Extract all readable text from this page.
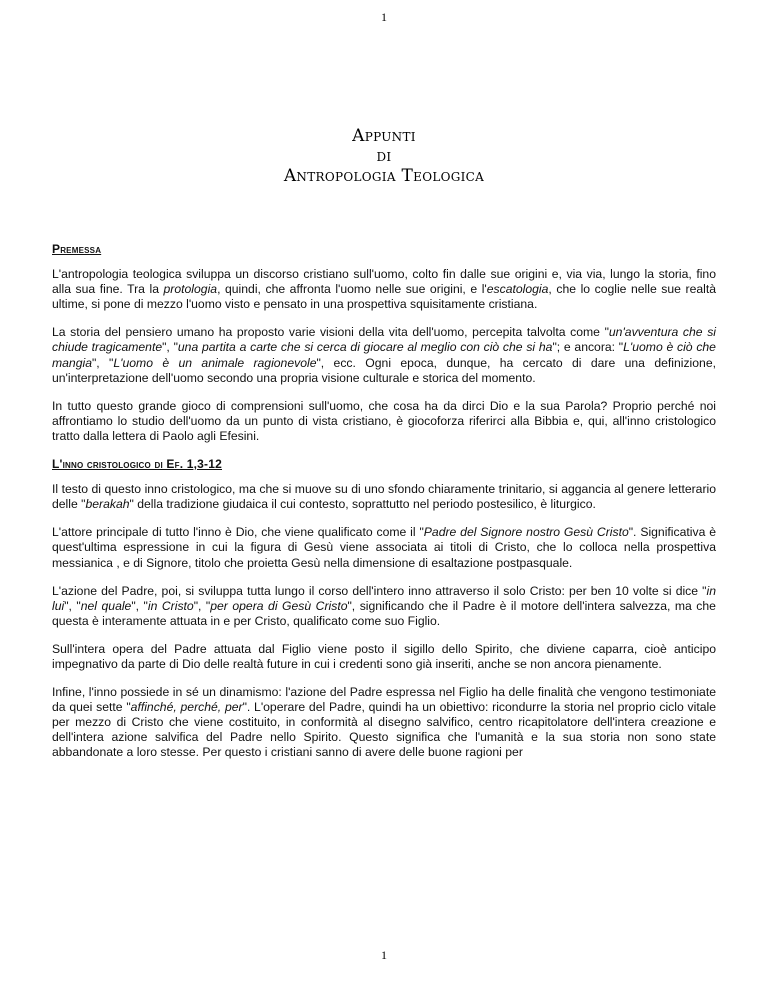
1
Appunti
di
Antropologia Teologica
Premessa

L'antropologia teologica sviluppa un discorso cristiano sull'uomo, colto fin dalle sue origini e, via via, lungo la storia, fino alla sua fine. Tra la protologia, quindi, che affronta l'uomo nelle sue origini, e l'escatologia, che lo coglie nelle sue realtà ultime, si pone di mezzo l'uomo visto e pensato in una prospettiva squisitamente cristiana.

La storia del pensiero umano ha proposto varie visioni della vita dell'uomo, percepita talvolta come "un'avventura che si chiude tragicamente", "una partita a carte che si cerca di giocare al meglio con ciò che si ha"; e ancora: "L'uomo è ciò che mangia", "L'uomo è un animale ragionevole", ecc. Ogni epoca, dunque, ha cercato di dare una definizione, un'interpretazione dell'uomo secondo una propria visione culturale e storica del momento.

In tutto questo grande gioco di comprensioni sull'uomo, che cosa ha da dirci Dio e la sua Parola? Proprio perché noi affrontiamo lo studio dell'uomo da un punto di vista cristiano, è giocoforza riferirci alla Bibbia e, qui, all'inno cristologico tratto dalla lettera di Paolo agli Efesini.

L'inno cristologico di Ef. 1,3-12

Il testo di questo inno cristologico, ma che si muove su di uno sfondo chiaramente trinitario, si aggancia al genere letterario delle "berakah" della tradizione giudaica il cui contesto, soprattutto nel periodo postesilico, è liturgico.

L'attore principale di tutto l'inno è Dio, che viene qualificato come il "Padre del Signore nostro Gesù Cristo". Significativa è quest'ultima espressione in cui la figura di Gesù viene associata ai titoli di Cristo, che lo colloca nella prospettiva messianica , e di Signore, titolo che proietta Gesù nella dimensione di esaltazione postpasquale.

L'azione del Padre, poi, si sviluppa tutta lungo il corso dell'intero inno attraverso il solo Cristo: per ben 10 volte si dice "in lui", "nel quale", "in Cristo", "per opera di Gesù Cristo", significando che il Padre è il motore dell'intera salvezza, ma che questa è interamente attuata in e per Cristo, qualificato come suo Figlio.

Sull'intera opera del Padre attuata dal Figlio viene posto il sigillo dello Spirito, che diviene caparra, cioè anticipo impegnativo da parte di Dio delle realtà future in cui i credenti sono già inseriti, anche se non ancora pienamente.

Infine, l'inno possiede in sé un dinamismo: l'azione del Padre espressa nel Figlio ha delle finalità che vengono testimoniate da quei sette "affinché, perché, per". L'operare del Padre, quindi ha un obiettivo: ricondurre la storia nel proprio ciclo vitale per mezzo di Cristo che viene costituito, in conformità al disegno salvifico, centro ricapitolatore dell'intera creazione e dell'intera azione salvifica del Padre nello Spirito. Questo significa che l'umanità e la sua storia non sono state abbandonate a loro stesse. Per questo i cristiani sanno di avere delle buone ragioni per

1
